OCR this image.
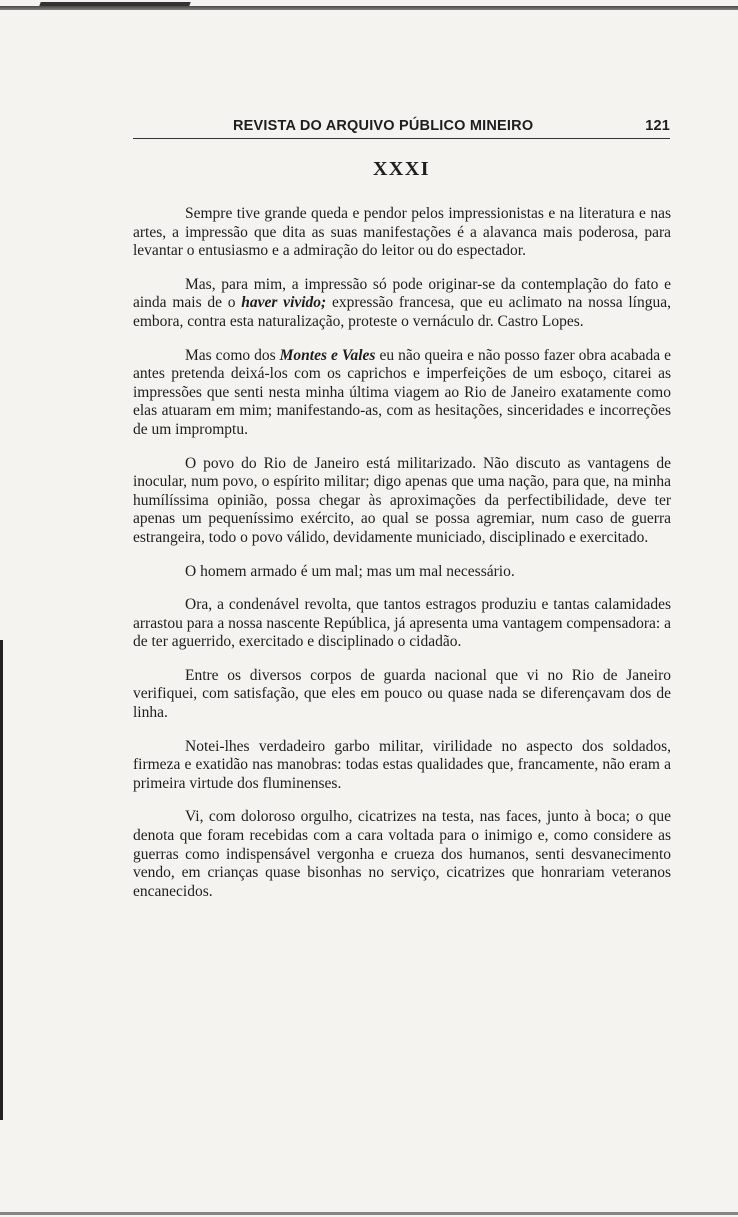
REVISTA DO ARQUIVO PÚBLICO MINEIRO	121
XXXI

Sempre tive grande queda e pendor pelos impressionistas e na literatura e nas artes, a impressão que dita as suas manifestações é a alavanca mais poderosa, para levantar o entusiasmo e a admiração do leitor ou do espectador.

Mas, para mim, a impressão só pode originar-se da contemplação do fato e ainda mais de o haver vivido; expressão francesa, que eu aclimato na nossa língua, embora, contra esta naturalização, proteste o vernáculo dr. Castro Lopes.

Mas como dos Montes e Vales eu não queira e não posso fazer obra acabada e antes pretenda deixá-los com os caprichos e imperfeições de um esboço, citarei as impressões que senti nesta minha última viagem ao Rio de Janeiro exatamente como elas atuaram em mim; manifestando-as, com as hesitações, sinceridades e incorreções de um impromptu.

O povo do Rio de Janeiro está militarizado. Não discuto as vantagens de inocular, num povo, o espírito militar; digo apenas que uma nação, para que, na minha humílíssima opinião, possa chegar às aproximações da perfectibilidade, deve ter apenas um pequeníssimo exército, ao qual se possa agremiar, num caso de guerra estrangeira, todo o povo válido, devidamente municiado, disciplinado e exercitado.

O homem armado é um mal; mas um mal necessário.

Ora, a condenável revolta, que tantos estragos produziu e tantas calamidades arrastou para a nossa nascente República, já apresenta uma vantagem compensadora: a de ter aguerrido, exercitado e disciplinado o cidadão.

Entre os diversos corpos de guarda nacional que vi no Rio de Janeiro verifiquei, com satisfação, que eles em pouco ou quase nada se diferençavam dos de linha.

Notei-lhes verdadeiro garbo militar, virilidade no aspecto dos soldados, firmeza e exatidão nas manobras: todas estas qualidades que, francamente, não eram a primeira virtude dos fluminenses.

Vi, com doloroso orgulho, cicatrizes na testa, nas faces, junto à boca; o que denota que foram recebidas com a cara voltada para o inimigo e, como considere as guerras como indispensável vergonha e crueza dos humanos, senti desvanecimento vendo, em crianças quase bisonhas no serviço, cicatrizes que honrariam veteranos encanecidos.
